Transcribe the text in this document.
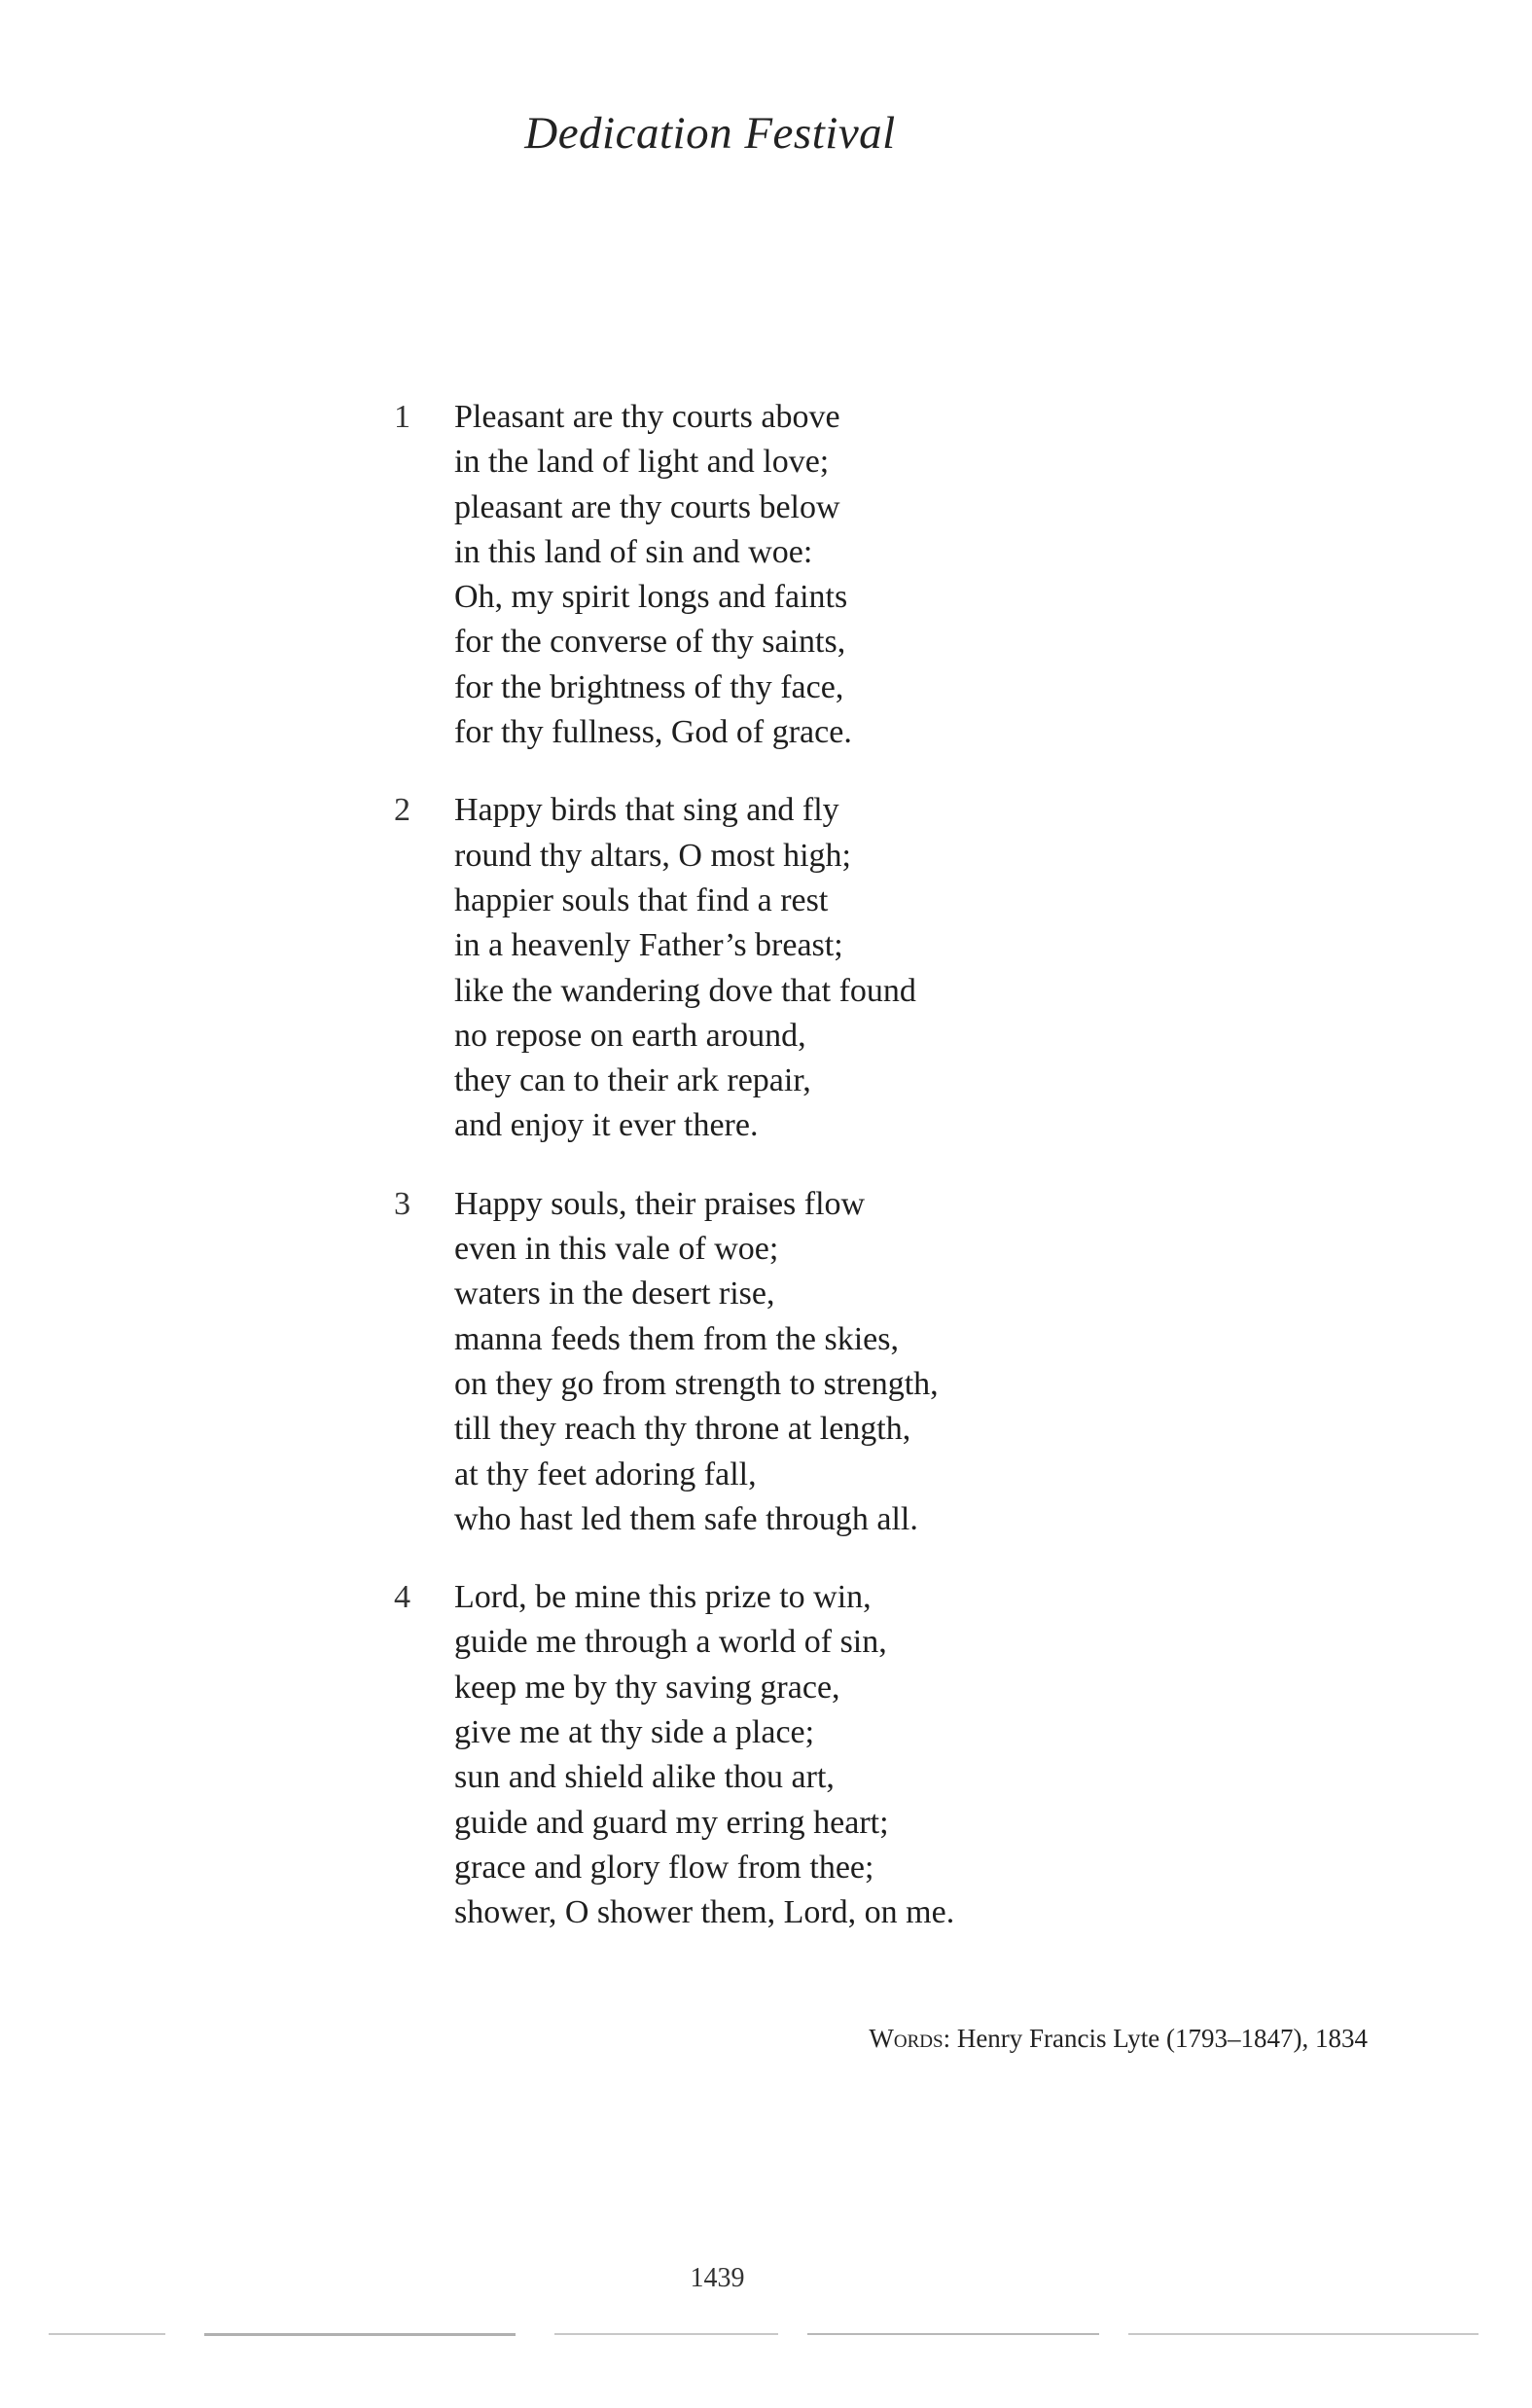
Dedication Festival
1	Pleasant are thy courts above
in the land of light and love;
pleasant are thy courts below
in this land of sin and woe:
Oh, my spirit longs and faints
for the converse of thy saints,
for the brightness of thy face,
for thy fullness, God of grace.
2	Happy birds that sing and fly
round thy altars, O most high;
happier souls that find a rest
in a heavenly Father’s breast;
like the wandering dove that found
no repose on earth around,
they can to their ark repair,
and enjoy it ever there.
3	Happy souls, their praises flow
even in this vale of woe;
waters in the desert rise,
manna feeds them from the skies,
on they go from strength to strength,
till they reach thy throne at length,
at thy feet adoring fall,
who hast led them safe through all.
4	Lord, be mine this prize to win,
guide me through a world of sin,
keep me by thy saving grace,
give me at thy side a place;
sun and shield alike thou art,
guide and guard my erring heart;
grace and glory flow from thee;
shower, O shower them, Lord, on me.
Words: Henry Francis Lyte (1793–1847), 1834
1439
